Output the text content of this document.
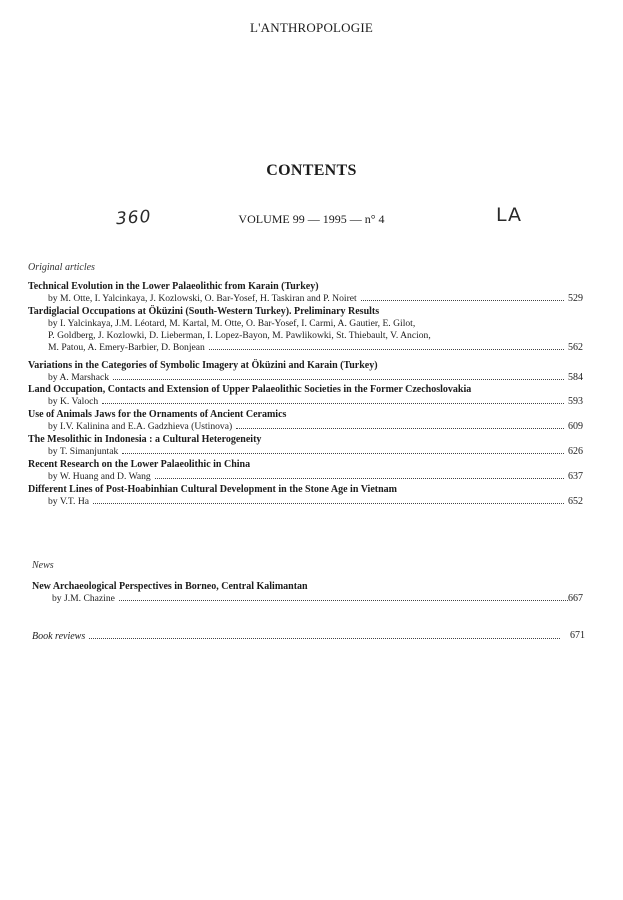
L'ANTHROPOLOGIE
CONTENTS
360	VOLUME 99 — 1995 — n° 4	LA
Original articles
Technical Evolution in the Lower Palaeolithic from Karain (Turkey)
by M. Otte, I. Yalcinkaya, J. Kozlowski, O. Bar-Yosef, H. Taskiran and P. Noiret	529
Tardiglacial Occupations at Öküzini (South-Western Turkey). Preliminary Results
by I. Yalcinkaya, J.M. Léotard, M. Kartal, M. Otte, O. Bar-Yosef, I. Carmi, A. Gautier, E. Gilot,
P. Goldberg, J. Kozlowki, D. Lieberman, I. Lopez-Bayon, M. Pawlikowki, St. Thiebault, V. Ancion,
M. Patou, A. Emery-Barbier, D. Bonjean	562
Variations in the Categories of Symbolic Imagery at Öküzini and Karain (Turkey)
by A. Marshack	584
Land Occupation, Contacts and Extension of Upper Palaeolithic Societies in the Former Czechoslovakia
by K. Valoch	593
Use of Animals Jaws for the Ornaments of Ancient Ceramics
by I.V. Kalinina and E.A. Gadzhieva (Ustinova)	609
The Mesolithic in Indonesia : a Cultural Heterogeneity
by T. Simanjuntak	626
Recent Research on the Lower Palaeolithic in China
by W. Huang and D. Wang	637
Different Lines of Post-Hoabinhian Cultural Development in the Stone Age in Vietnam
by V.T. Ha	652
News
New Archaeological Perspectives in Borneo, Central Kalimantan
by J.M. Chazine	667
Book reviews	671
